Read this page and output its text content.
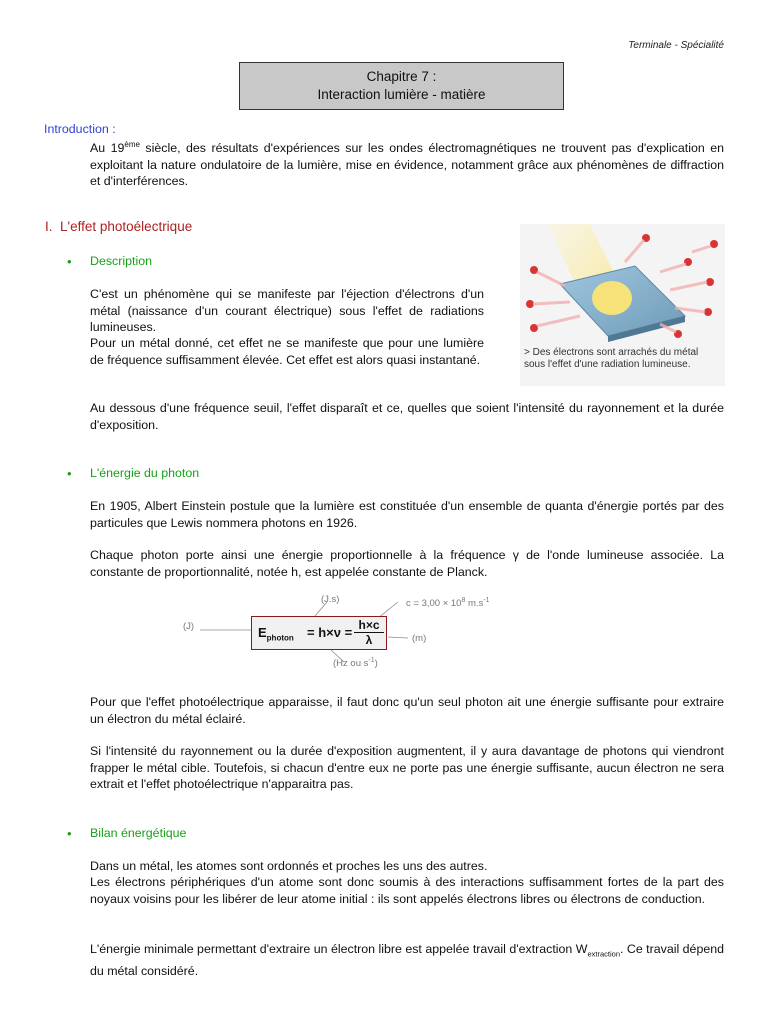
Terminale - Spécialité
Chapitre 7 :
Interaction lumière - matière
Introduction :
Au 19ème siècle, des résultats d'expériences sur les ondes électromagnétiques ne trouvent pas d'explication en exploitant la nature ondulatoire de la lumière, mise en évidence, notamment grâce aux phénomènes de diffraction et d'interférences.
I. L'effet photoélectrique
• Description
C'est un phénomène qui se manifeste par l'éjection d'électrons d'un métal (naissance d'un courant électrique) sous l'effet de radiations lumineuses.
Pour un métal donné, cet effet ne se manifeste que pour une lumière de fréquence suffisamment élevée. Cet effet est alors quasi instantané.
Au dessous d'une fréquence seuil, l'effet disparaît et ce, quelles que soient l'intensité du rayonnement et la durée d'exposition.
> Des électrons sont arrachés du métal sous l'effet d'une radiation lumineuse.
• L'énergie du photon
En 1905, Albert Einstein postule que la lumière est constituée d'un ensemble de quanta d'énergie portés par des particules que Lewis nommera photons en 1926.
Chaque photon porte ainsi une énergie proportionnelle à la fréquence γ de l'onde lumineuse associée. La constante de proportionnalité, notée h, est appelée constante de Planck.
(J)
(J.s)	$c = 3,00 \times 10^8$ $m.s^{-1}$
(m)
(Hz ou $s^{-1}$)
$E_{photon} = h\times\nu = h\times c$
λ
Pour que l'effet photoélectrique apparaisse, il faut donc qu'un seul photon ait une énergie suffisante pour extraire un électron du métal éclairé.
Si l'intensité du rayonnement ou la durée d'exposition augmentent, il y aura davantage de photons qui viendront frapper le métal cible. Toutefois, si chacun d'entre eux ne porte pas une énergie suffisante, aucun électron ne sera extrait et l'effet photoélectrique n'apparaitra pas.
• Bilan énergétique
Dans un métal, les atomes sont ordonnés et proches les uns des autres.
Les électrons périphériques d'un atome sont donc soumis à des interactions suffisamment fortes de la part des noyaux voisins pour les libérer de leur atome initial : ils sont appelés électrons libres ou électrons de conduction.
L'énergie minimale permettant d'extraire un électron libre est appelée travail d'extraction $W_{extraction}$. Ce travail dépend du métal considéré.
